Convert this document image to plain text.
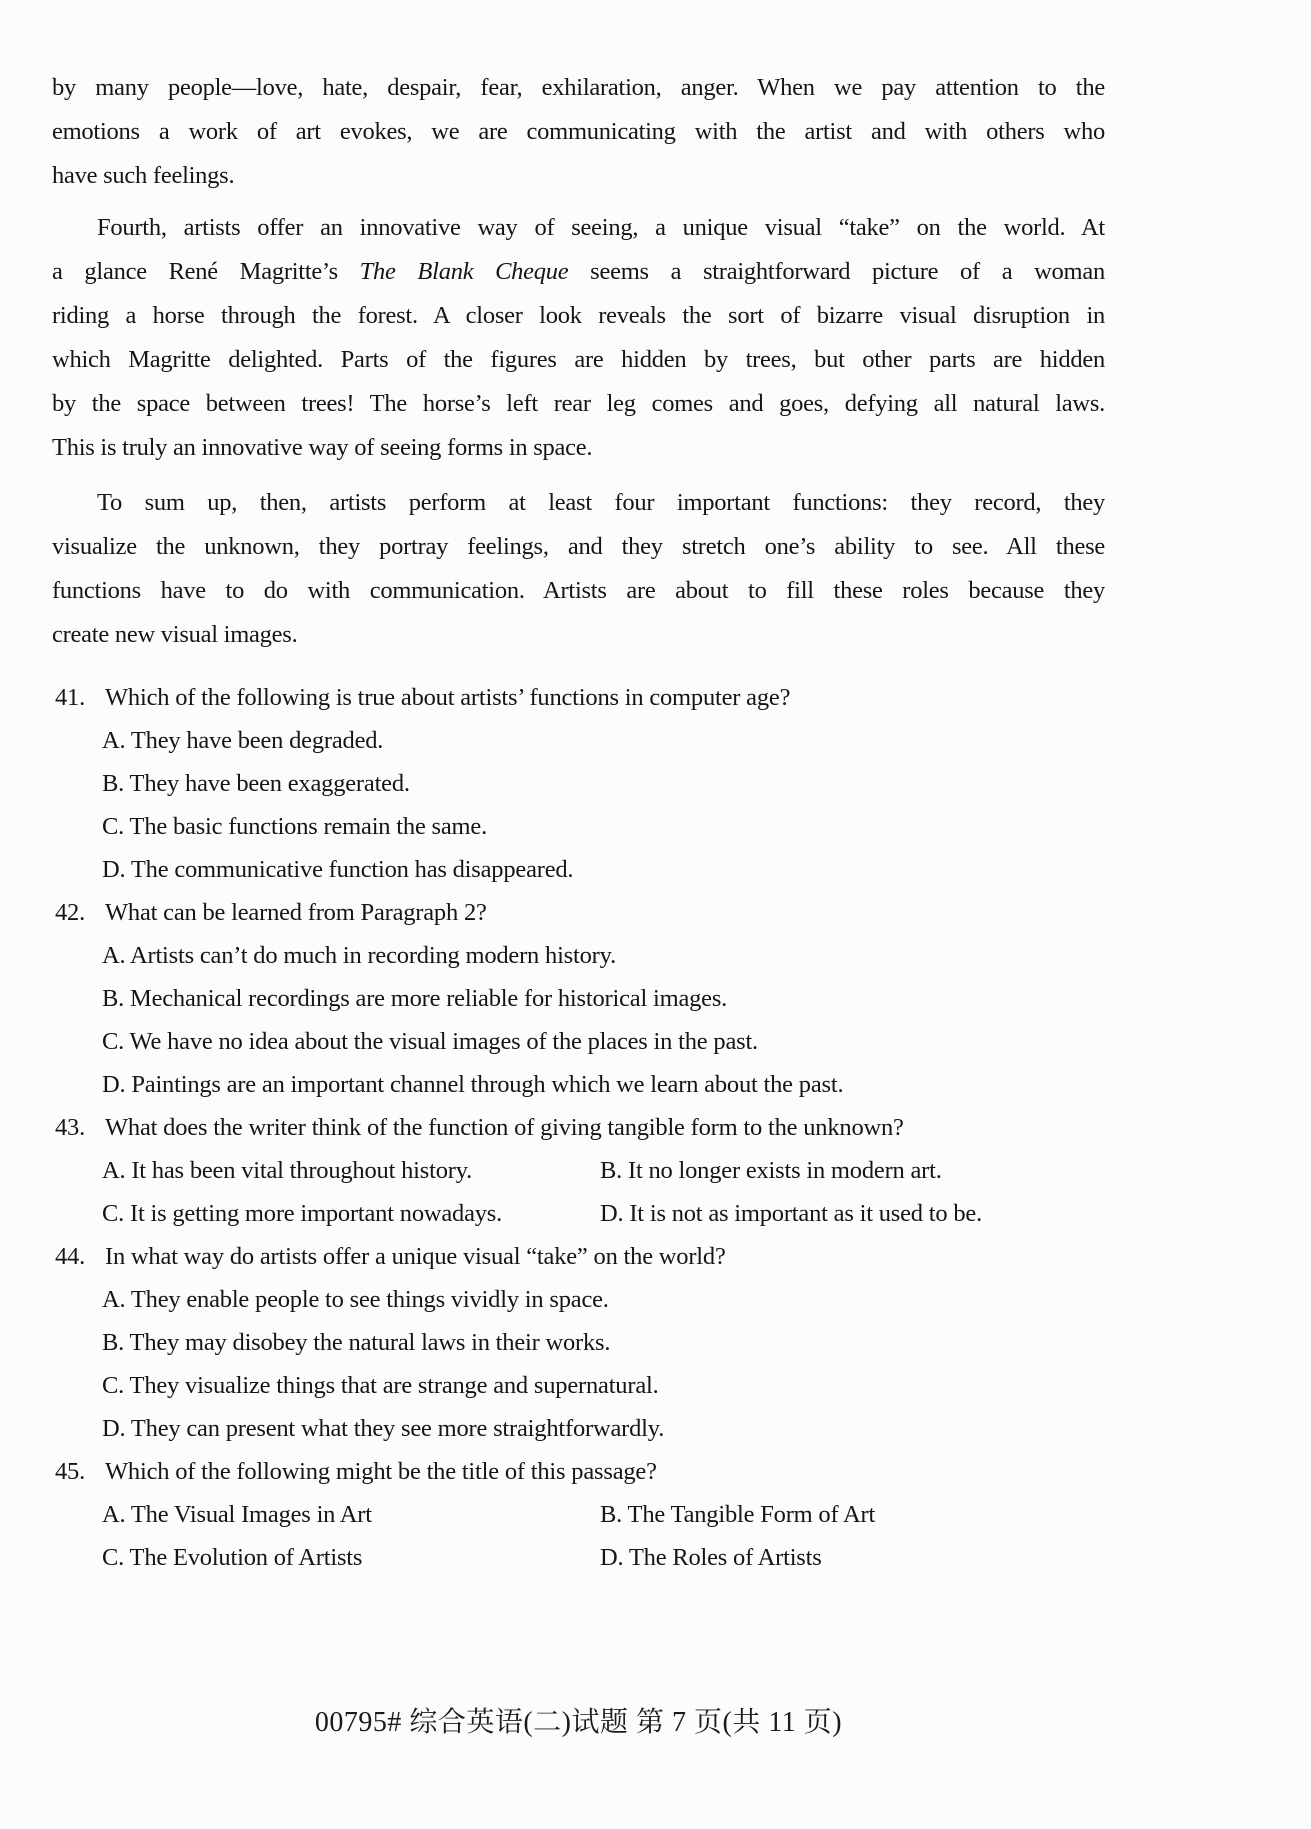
by many people—love, hate, despair, fear, exhilaration, anger. When we pay attention to the
emotions a work of art evokes, we are communicating with the artist and with others who
have such feelings.
Fourth, artists offer an innovative way of seeing, a unique visual “take” on the world. At
a glance René Magritte’s The Blank Cheque seems a straightforward picture of a woman
riding a horse through the forest. A closer look reveals the sort of bizarre visual disruption in
which Magritte delighted. Parts of the figures are hidden by trees, but other parts are hidden
by the space between trees! The horse’s left rear leg comes and goes, defying all natural laws.
This is truly an innovative way of seeing forms in space.
To sum up, then, artists perform at least four important functions: they record, they
visualize the unknown, they portray feelings, and they stretch one’s ability to see. All these
functions have to do with communication. Artists are about to fill these roles because they
create new visual images.
41. Which of the following is true about artists’ functions in computer age?
A. They have been degraded.
B. They have been exaggerated.
C. The basic functions remain the same.
D. The communicative function has disappeared.
42. What can be learned from Paragraph 2?
A. Artists can’t do much in recording modern history.
B. Mechanical recordings are more reliable for historical images.
C. We have no idea about the visual images of the places in the past.
D. Paintings are an important channel through which we learn about the past.
43. What does the writer think of the function of giving tangible form to the unknown?
A. It has been vital throughout history.	B. It no longer exists in modern art.
C. It is getting more important nowadays.	D. It is not as important as it used to be.
44. In what way do artists offer a unique visual “take” on the world?
A. They enable people to see things vividly in space.
B. They may disobey the natural laws in their works.
C. They visualize things that are strange and supernatural.
D. They can present what they see more straightforwardly.
45. Which of the following might be the title of this passage?
A. The Visual Images in Art	B. The Tangible Form of Art
C. The Evolution of Artists	D. The Roles of Artists
00795# 综合英语(二)试题 第 7 页(共 11 页)
